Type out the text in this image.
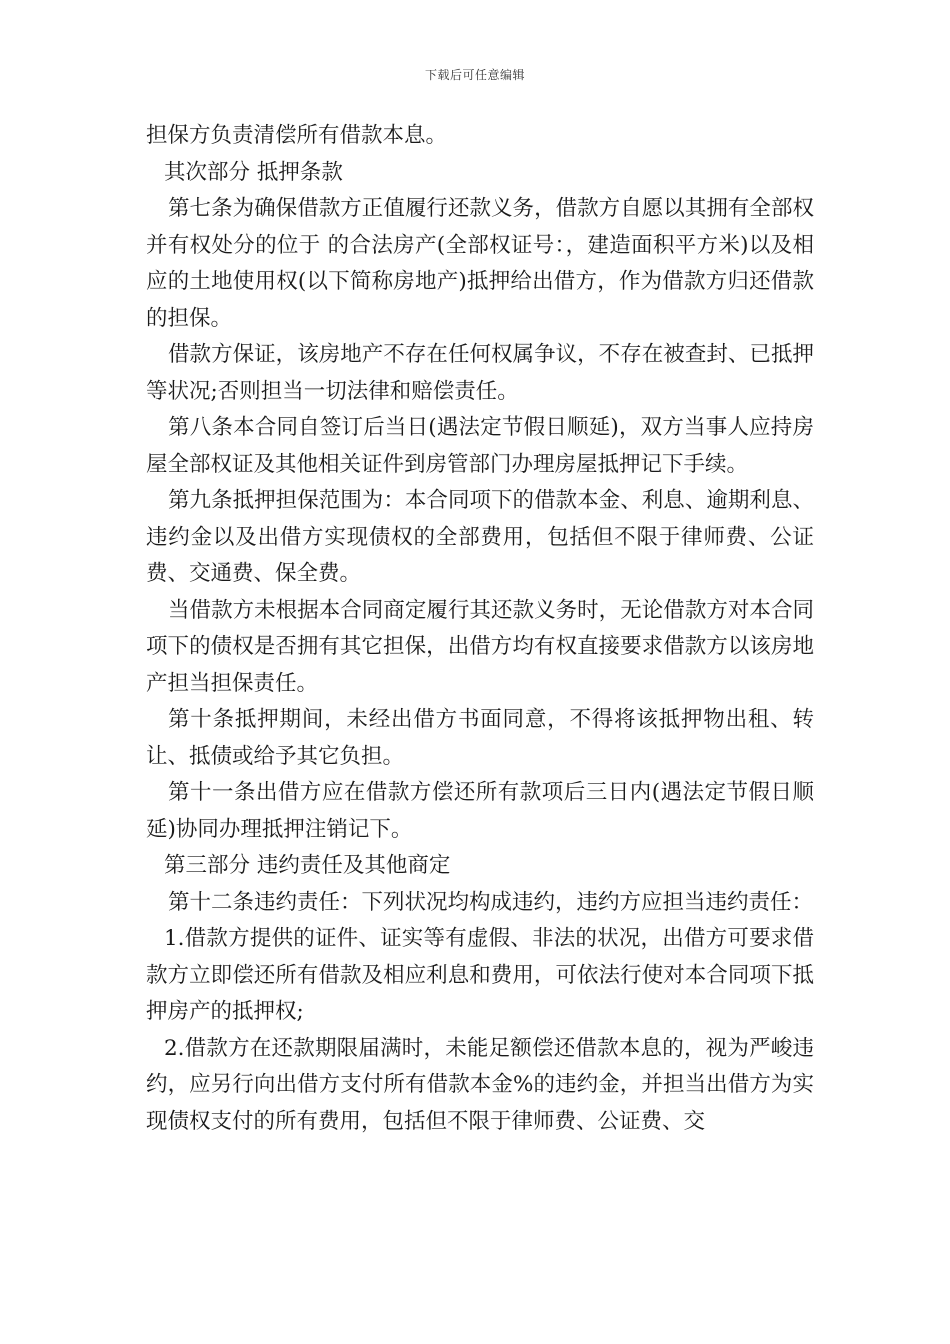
下载后可任意编辑

担保方负责清偿所有借款本息。

其次部分 抵押条款

第七条为确保借款方正值履行还款义务，借款方自愿以其拥有全部权并有权处分的位于 的合法房产(全部权证号：，建造面积平方米)以及相应的土地使用权(以下简称房地产)抵押给出借方，作为借款方归还借款的担保。

借款方保证，该房地产不存在任何权属争议，不存在被查封、已抵押等状况;否则担当一切法律和赔偿责任。

第八条本合同自签订后当日(遇法定节假日顺延)，双方当事人应持房屋全部权证及其他相关证件到房管部门办理房屋抵押记下手续。

第九条抵押担保范围为：本合同项下的借款本金、利息、逾期利息、违约金以及出借方实现债权的全部费用，包括但不限于律师费、公证费、交通费、保全费。

当借款方未根据本合同商定履行其还款义务时，无论借款方对本合同项下的债权是否拥有其它担保，出借方均有权直接要求借款方以该房地产担当担保责任。

第十条抵押期间，未经出借方书面同意，不得将该抵押物出租、转让、抵债或给予其它负担。

第十一条出借方应在借款方偿还所有款项后三日内(遇法定节假日顺延)协同办理抵押注销记下。

第三部分 违约责任及其他商定

第十二条违约责任：下列状况均构成违约，违约方应担当违约责任：

1.借款方提供的证件、证实等有虚假、非法的状况，出借方可要求借款方立即偿还所有借款及相应利息和费用，可依法行使对本合同项下抵押房产的抵押权;

2.借款方在还款期限届满时，未能足额偿还借款本息的，视为严峻违约，应另行向出借方支付所有借款本金%的违约金，并担当出借方为实现债权支付的所有费用，包括但不限于律师费、公证费、交
